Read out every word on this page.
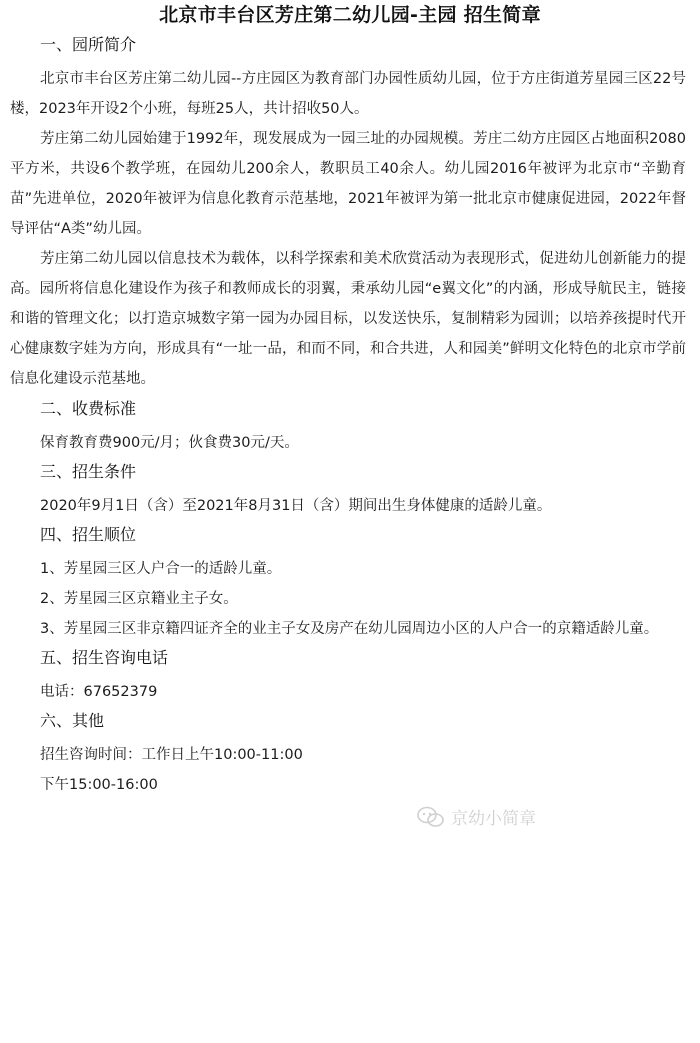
北京市丰台区芳庄第二幼儿园-主园 招生简章
一、园所简介

北京市丰台区芳庄第二幼儿园--方庄园区为教育部门办园性质幼儿园，位于方庄街道芳星园三区22号楼，2023年开设2个小班，每班25人，共计招收50人。

芳庄第二幼儿园始建于1992年，现发展成为一园三址的办园规模。芳庄二幼方庄园区占地面积2080平方米，共设6个教学班，在园幼儿200余人，教职员工40余人。幼儿园2016年被评为北京市“辛勤育苗”先进单位，2020年被评为信息化教育示范基地，2021年被评为第一批北京市健康促进园，2022年督导评估“A类”幼儿园。

芳庄第二幼儿园以信息技术为载体，以科学探索和美术欣赏活动为表现形式，促进幼儿创新能力的提高。园所将信息化建设作为孩子和教师成长的羽翼，秉承幼儿园“e翼文化”的内涵，形成导航民主，链接和谐的管理文化；以打造京城数字第一园为办园目标，以发送快乐，复制精彩为园训；以培养孩提时代开心健康数字娃为方向，形成具有“一址一品，和而不同，和合共进，人和园美”鲜明文化特色的北京市学前信息化建设示范基地。

二、收费标准

保育教育费900元/月；伙食费30元/天。

三、招生条件

2020年9月1日（含）至2021年8月31日（含）期间出生身体健康的适龄儿童。

四、招生顺位

1、芳星园三区人户合一的适龄儿童。

2、芳星园三区京籍业主子女。

3、芳星园三区非京籍四证齐全的业主子女及房产在幼儿园周边小区的人户合一的京籍适龄儿童。

五、招生咨询电话

电话：67652379

六、其他

招生咨询时间：工作日上午10:00-11:00

下午15:00-16:00

京幼小简章
